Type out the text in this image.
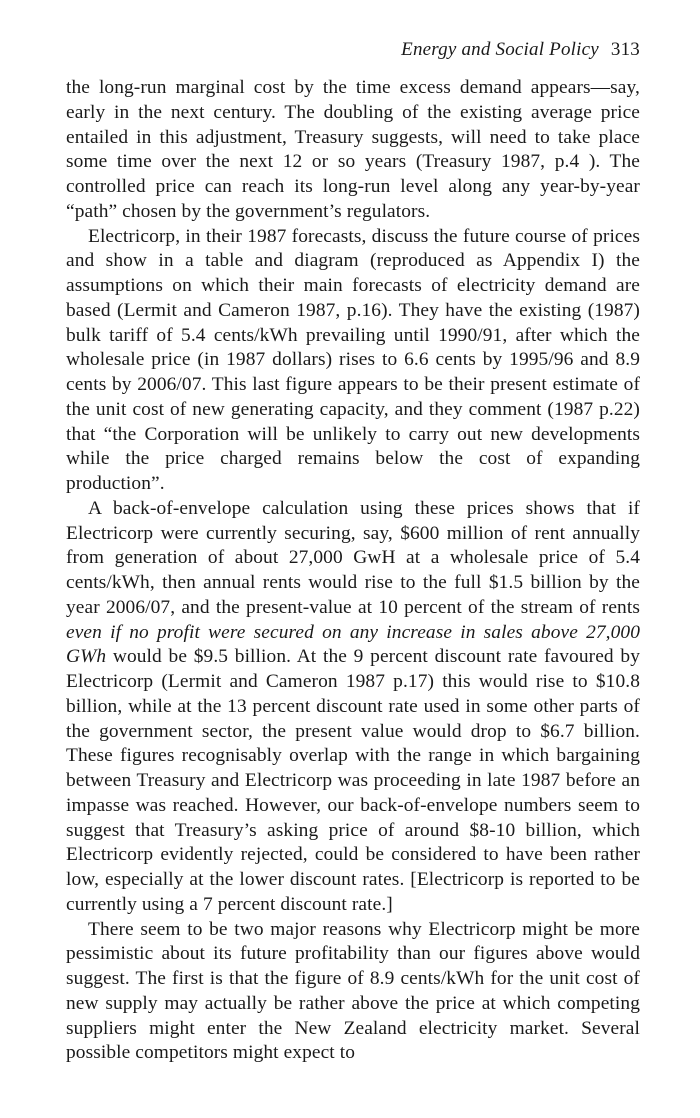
Energy and Social Policy 313

the long-run marginal cost by the time excess demand appears—say, early in the next century. The doubling of the existing average price entailed in this adjustment, Treasury suggests, will need to take place some time over the next 12 or so years (Treasury 1987, p.4 ). The controlled price can reach its long-run level along any year-by-year “path” chosen by the government’s regulators.

Electricorp, in their 1987 forecasts, discuss the future course of prices and show in a table and diagram (reproduced as Appendix I) the assumptions on which their main forecasts of electricity demand are based (Lermit and Cameron 1987, p.16). They have the existing (1987) bulk tariff of 5.4 cents/kWh prevailing until 1990/91, after which the wholesale price (in 1987 dollars) rises to 6.6 cents by 1995/96 and 8.9 cents by 2006/07. This last figure appears to be their present estimate of the unit cost of new generating capacity, and they comment (1987 p.22) that “the Corporation will be unlikely to carry out new developments while the price charged remains below the cost of expanding production”.

A back-of-envelope calculation using these prices shows that if Electricorp were currently securing, say, $600 million of rent annually from generation of about 27,000 GwH at a wholesale price of 5.4 cents/kWh, then annual rents would rise to the full $1.5 billion by the year 2006/07, and the present-value at 10 percent of the stream of rents even if no profit were secured on any increase in sales above 27,000 GWh would be $9.5 billion. At the 9 percent discount rate favoured by Electricorp (Lermit and Cameron 1987 p.17) this would rise to $10.8 billion, while at the 13 percent discount rate used in some other parts of the government sector, the present value would drop to $6.7 billion. These figures recognisably overlap with the range in which bargaining between Treasury and Electricorp was proceeding in late 1987 before an impasse was reached. However, our back-of-envelope numbers seem to suggest that Treasury’s asking price of around $8-10 billion, which Electricorp evidently rejected, could be considered to have been rather low, especially at the lower discount rates. [Electricorp is reported to be currently using a 7 percent discount rate.]

There seem to be two major reasons why Electricorp might be more pessimistic about its future profitability than our figures above would suggest. The first is that the figure of 8.9 cents/kWh for the unit cost of new supply may actually be rather above the price at which competing suppliers might enter the New Zealand electricity market. Several possible competitors might expect to
